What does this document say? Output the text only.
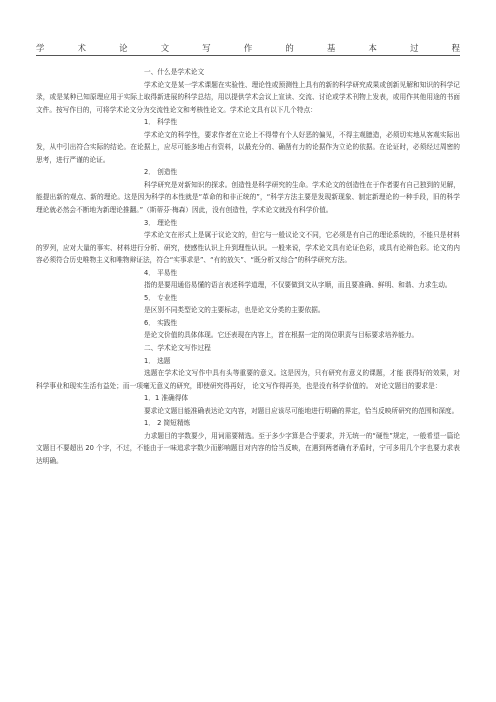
学	术	论	文	写	作	的	基	本	过	程

一、什么是学术论文

学术论文是某一学术课题在实验性、理论性或预测性上具有的新的科学研究成果或创新见解和知识的科学记录，或是某种已知原理应用于实际上取得新进展的科学总结，用以提供学术会议上宣读、交流、讨论或学术刊物上发表，或用作其他用途的书面文件。按写作目的，可将学术论文分为交流性论文和考核性论文。学术论文具有以下几个特点：

1． 科学性

学术论文的科学性，要求作者在立论上不得带有个人好恶的偏见，不得主观臆造，必须切实地从客观实际出发，从中引出符合实际的结论。在论据上，应尽可能多地占有资料，以最充分的、确凿有力的论据作为立论的依据。在论证时，必须经过周密的思考，进行严谨的论证。

2． 创造性

科学研究是对新知识的探求。创造性是科学研究的生命。学术论文的创造性在于作者要有自己独到的见解，能提出新的观点、新的理论。这是因为科学的本性就是“革命的和非正统的”，“科学方法主要是发现新现象、制定新理论的一种手段，旧的科学理论就必然会不断地为新理论推翻。”（斯蒂芬·梅森）因此，没有创造性，学术论文就没有科学价值。

3． 理论性

学术论文在形式上是属于议论文的，但它与一般议论文不同，它必须是有自己的理论系统的，不能只是材料的罗列，应对大量的事实、材料进行分析、研究，使感性认识上升到理性认识。一般来说，学术论文具有论证色彩，或具有论辩色彩。论文的内容必须符合历史唯物主义和唯物辩证法，符合“实事求是”、“有的放矢”、“既分析又综合”的科学研究方法。

4． 平易性

指的是要用通俗易懂的语言表述科学道理，不仅要做到文从字顺，而且要准确、鲜明、和谐、力求生动。

5． 专业性

是区别不同类型论文的主要标志，也是论文分类的主要依据。

6． 实践性

是论文价值的具体体现。它还表现在内容上，首在根据一定的岗位职责与目标要求培养能力。

二、学术论文写作过程

1． 选题

选题在学术论文写作中具有头等重要的意义。这是因为，只有研究有意义的课题，才能 获得好的效果，对科学事业和现实生活有益处；而一项毫无意义的研究，即使研究得再好， 论文写作得再美，也是没有科学价值的。 对论文题目的要求是：

1．1 准确得体

要求论文题目能准确表达论文内容，对题目应该尽可能地进行明确的界定，恰当反映所研究的范围和深度。

1． 2 简短精炼

力求题目的字数要少，用词需要精选。至于多少字算是合乎要求，并无统一的“硬性”规定，一般希望一篇论文题目不要超出 20 个字，不过，不能由于一味追求字数少而影响题目对内容的恰当反映，在遇到两者确有矛盾时，宁可多用几个字也要力求表达明确。
